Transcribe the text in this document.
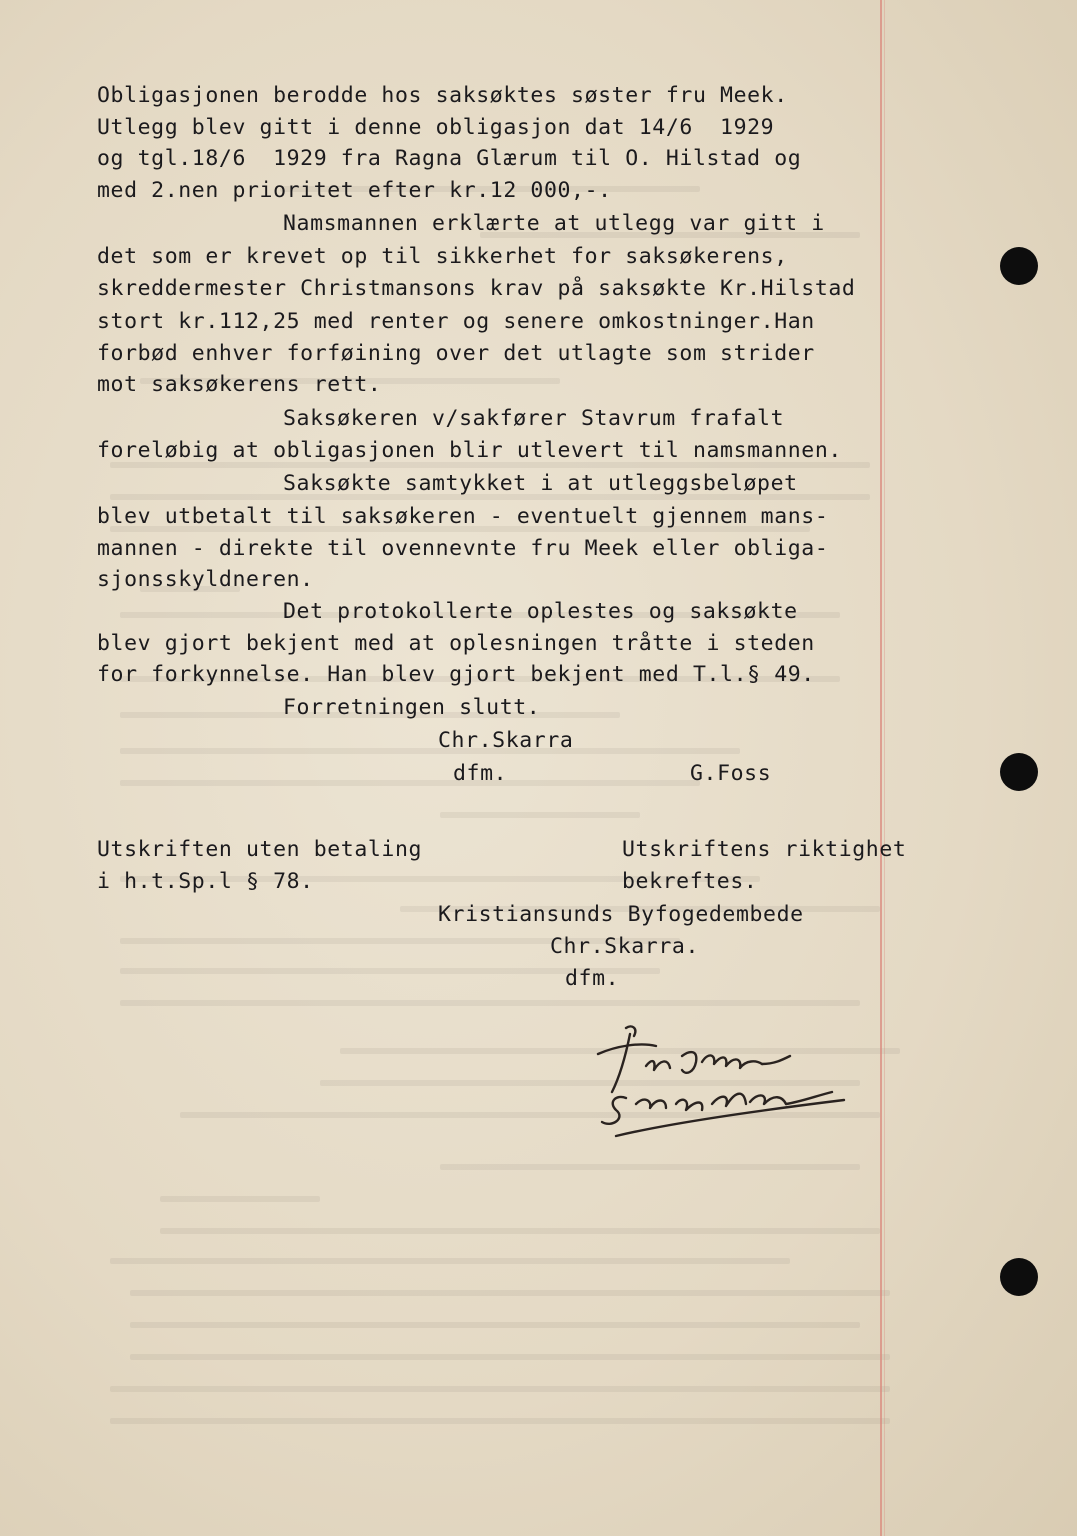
Obligasjonen berodde hos saksøktes søster fru Meek.

Utlegg blev gitt i denne obligasjon dat 14/6  1929

og tgl.18/6  1929 fra Ragna Glærum til O. Hilstad og

med 2.nen prioritet efter kr.12 000,-.

Namsmannen erklærte at utlegg var gitt i

det som er krevet op til sikkerhet for saksøkerens,

skreddermester Christmansons krav på saksøkte Kr.Hilstad

stort kr.112,25 med renter og senere omkostninger.Han

forbød enhver forføining over det utlagte som strider

mot saksøkerens rett.

Saksøkeren v/sakfører Stavrum frafalt

foreløbig at obligasjonen blir utlevert til namsmannen.

Saksøkte samtykket i at utleggsbeløpet

blev utbetalt til saksøkeren - eventuelt gjennem mans-

mannen - direkte til ovennevnte fru Meek eller obliga-

sjonsskyldneren.

Det protokollerte oplestes og saksøkte

blev gjort bekjent med at oplesningen tråtte i steden

for forkynnelse. Han blev gjort bekjent med T.l.§ 49.

Forretningen slutt.

Chr.Skarra

dfm.	G.Foss

Utskriften uten betaling

i h.t.Sp.l § 78.

Utskriftens riktighet

bekreftes.

Kristiansunds Byfogedembede

Chr.Skarra.

dfm.
